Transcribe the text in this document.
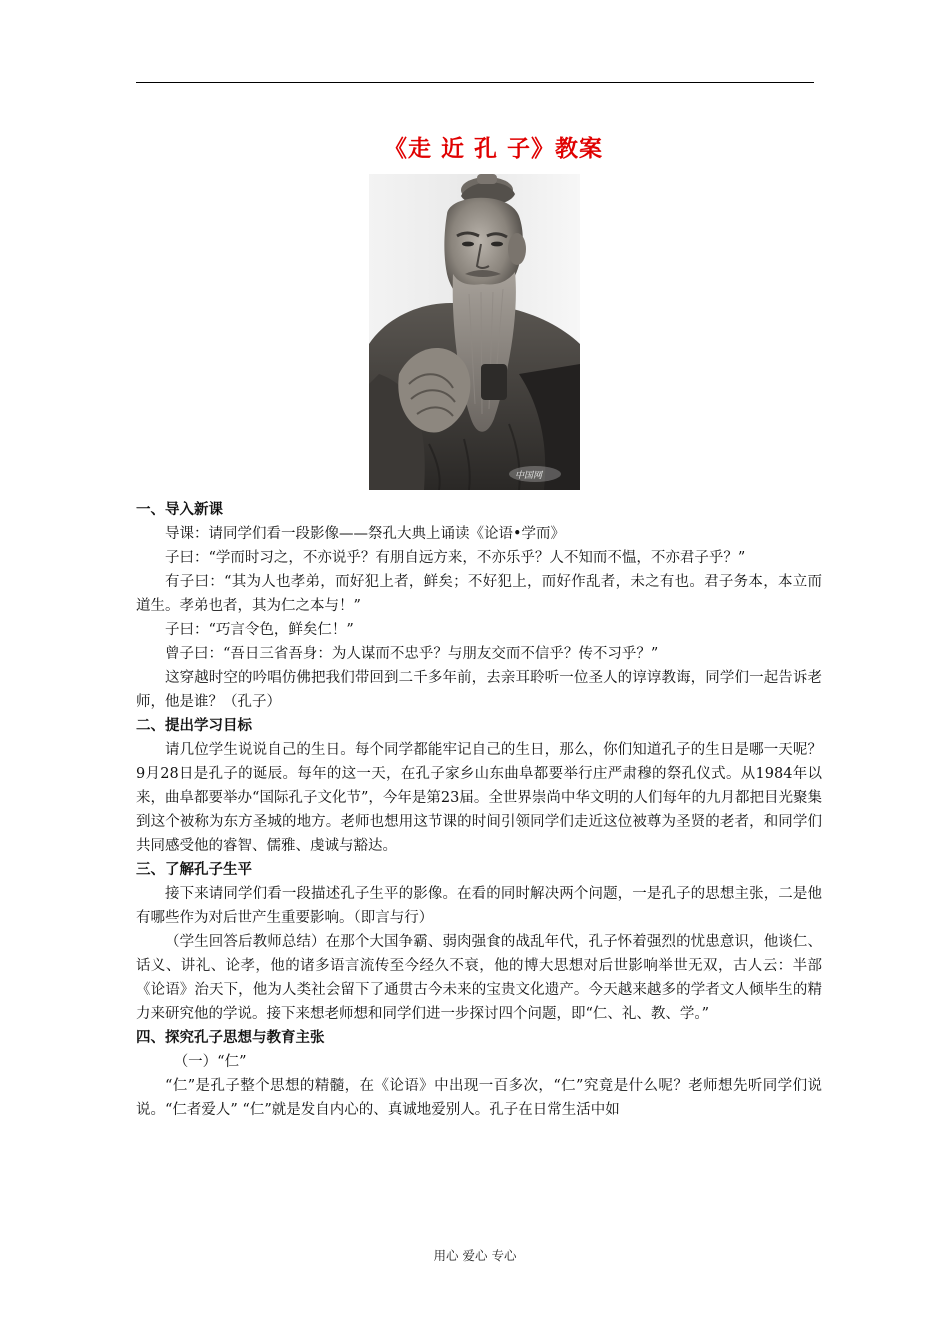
《走 近 孔 子》教案
中国网
一、导入新课

导课：请同学们看一段影像——祭孔大典上诵读《论语•学而》

子曰：“学而时习之，不亦说乎？有朋自远方来，不亦乐乎？人不知而不愠，不亦君子乎？”

有子曰：“其为人也孝弟，而好犯上者，鲜矣；不好犯上，而好作乱者，未之有也。君子务本，本立而道生。孝弟也者，其为仁之本与！”

子曰：“巧言令色，鲜矣仁！”

曾子曰：“吾日三省吾身：为人谋而不忠乎？与朋友交而不信乎？传不习乎？”

这穿越时空的吟唱仿佛把我们带回到二千多年前，去亲耳聆听一位圣人的谆谆教诲，同学们一起告诉老师，他是谁？（孔子）

二、提出学习目标

请几位学生说说自己的生日。每个同学都能牢记自己的生日，那么，你们知道孔子的生日是哪一天呢？9月28日是孔子的诞辰。每年的这一天，在孔子家乡山东曲阜都要举行庄严肃穆的祭孔仪式。从1984年以来，曲阜都要举办“国际孔子文化节”，今年是第23届。全世界崇尚中华文明的人们每年的九月都把目光聚集到这个被称为东方圣城的地方。老师也想用这节课的时间引领同学们走近这位被尊为圣贤的老者，和同学们共同感受他的睿智、儒雅、虔诚与豁达。

三、了解孔子生平

接下来请同学们看一段描述孔子生平的影像。在看的同时解决两个问题，一是孔子的思想主张，二是他有哪些作为对后世产生重要影响。（即言与行）

（学生回答后教师总结）在那个大国争霸、弱肉强食的战乱年代，孔子怀着强烈的忧患意识，他谈仁、话义、讲礼、论孝，他的诸多语言流传至今经久不衰，他的博大思想对后世影响举世无双，古人云：半部《论语》治天下，他为人类社会留下了通贯古今未来的宝贵文化遗产。今天越来越多的学者文人倾毕生的精力来研究他的学说。接下来想老师想和同学们进一步探讨四个问题，即“仁、礼、教、学。”

四、探究孔子思想与教育主张

（一）“仁”

“仁”是孔子整个思想的精髓，在《论语》中出现一百多次，“仁”究竟是什么呢？老师想先听同学们说说。“仁者爱人” “仁”就是发自内心的、真诚地爱别人。孔子在日常生活中如

用心 爱心 专心
